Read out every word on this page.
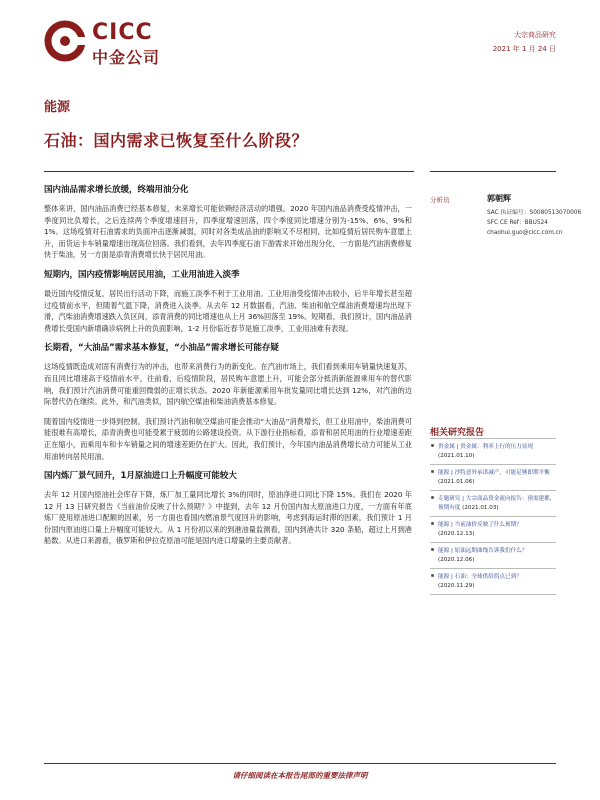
CICC
中金公司
大宗商品研究
2021 年 1 月 24 日
能源
石油：国内需求已恢复至什么阶段？

国内油品需求增长放缓，终端用油分化

整体来讲，国内油品消费已经基本修复，未来增长可能依赖经济活动的增强。2020 年国内油品消费受疫情冲击，一季度同比负增长，之后连续两个季度增速回升，四季度增速回落，四个季度同比增速分别为-15%、6%、9%和 1%。这场疫情对石油需求的负面冲击逐渐减弱，同时对各类成品油的影响又不尽相同，比如疫情后居民购车意愿上升，而货运卡车销量增速出现高位回落。我们看到，去年四季度石油下游需求开始出现分化，一方面是汽油消费修复快于柴油，另一方面是添青消费增长快于居民用油。

短期内，国内疫情影响居民用油，工业用油进入淡季

最近国内疫情反复，居民出行活动下降，而施工淡季不利于工业用油。工业用油受疫情冲击较小，后半年增长甚至超过疫情前水平，但随着气温下降，消费进入淡季。从去年 12 月数据看，汽油、柴油和航空煤油消费增速均出现下滑，汽柴油消费增速跌入负区间，添青消费的同比增速也从上月 36%回落至 19%。短期看，我们预计，国内油品消费增长受国内新增确诊病例上升的负面影响，1-2 月份临近春节是施工淡季，工业用油难有表现。

长期看，“大油品”需求基本修复，“小油品”需求增长可能存疑

这场疫情既造成对固有消费行为的冲击，也带来消费行为的新变化。在汽油市场上，我们看到乘用车销量快速复苏，而且同比增速高于疫情前水平，往前看，后疫情阶段，居民购车意愿上升，可能会部分抵消新能源乘用车的替代影响，我们预计汽油消费可能重回微弱的正增长状态。2020 年新能源乘用车批发量同比增长达到 12%，对汽油的边际替代仍在继续。此外，和汽油类似，国内航空煤油和柴油消费基本修复。

随着国内疫情进一步得到控制，我们预计汽油和航空煤油可能会推动“大油品”消费增长，但工业用油中，柴油消费可能很难有高增长，添青消费也可能受累于疲弱的公路建设投资。从下游行业指标看，添青和居民用油的行业增速差距正在缩小，而乘用车和卡车销量之间的增速差距仍在扩大。因此，我们预计，今年国内油品消费增长动力可能从工业用油转向居民用油。

国内炼厂景气回升，1月原油进口上升幅度可能较大

去年 12 月国内原油社会库存下降，炼厂加工量同比增长 3%的同时，原油净进口同比下降 15%。我们在 2020 年 12 月 13 日研究报告《当前油价反映了什么预期？》中提到，去年 12 月份国内加大原油进口力度，一方面有年底炼厂使用原油进口配额的因素，另一方面也看国内燃油景气度回升的影响，考虑到海运时滞的因素，我们预计 1 月份国内原油进口量上升幅度可能较大。从 1 月份初以来的到港油量监测看，国内到港共计 320 条船，超过上月到港船数。从进口来源看，俄罗斯和伊拉克原油可能是国内进口增量的主要贡献者。

分析员	郭朝辉
SAC 执证编号：S0080513070006
SFC CE Ref：BBU524
chaohui.guo@cicc.com.cn
相关研究报告
贵金属 | 贵金属：利率上行的压力显现 (2021.01.10)
能源 | 沙特意外承诺减产，可能足够即期平衡 (2021.01.06)
专题研究 | 大宗商品资金流向报告：预需建都，预期有度 (2021.01.03)
能源 | 当前油价反映了什么预期？ (2020.12.13)
能源 | 原油远期曲线告诉我们什么？ (2020.12.06)
能源 | 石油：全球供给拐点已到？ (2020.11.29)
请仔细阅读在本报告尾部的重要法律声明
